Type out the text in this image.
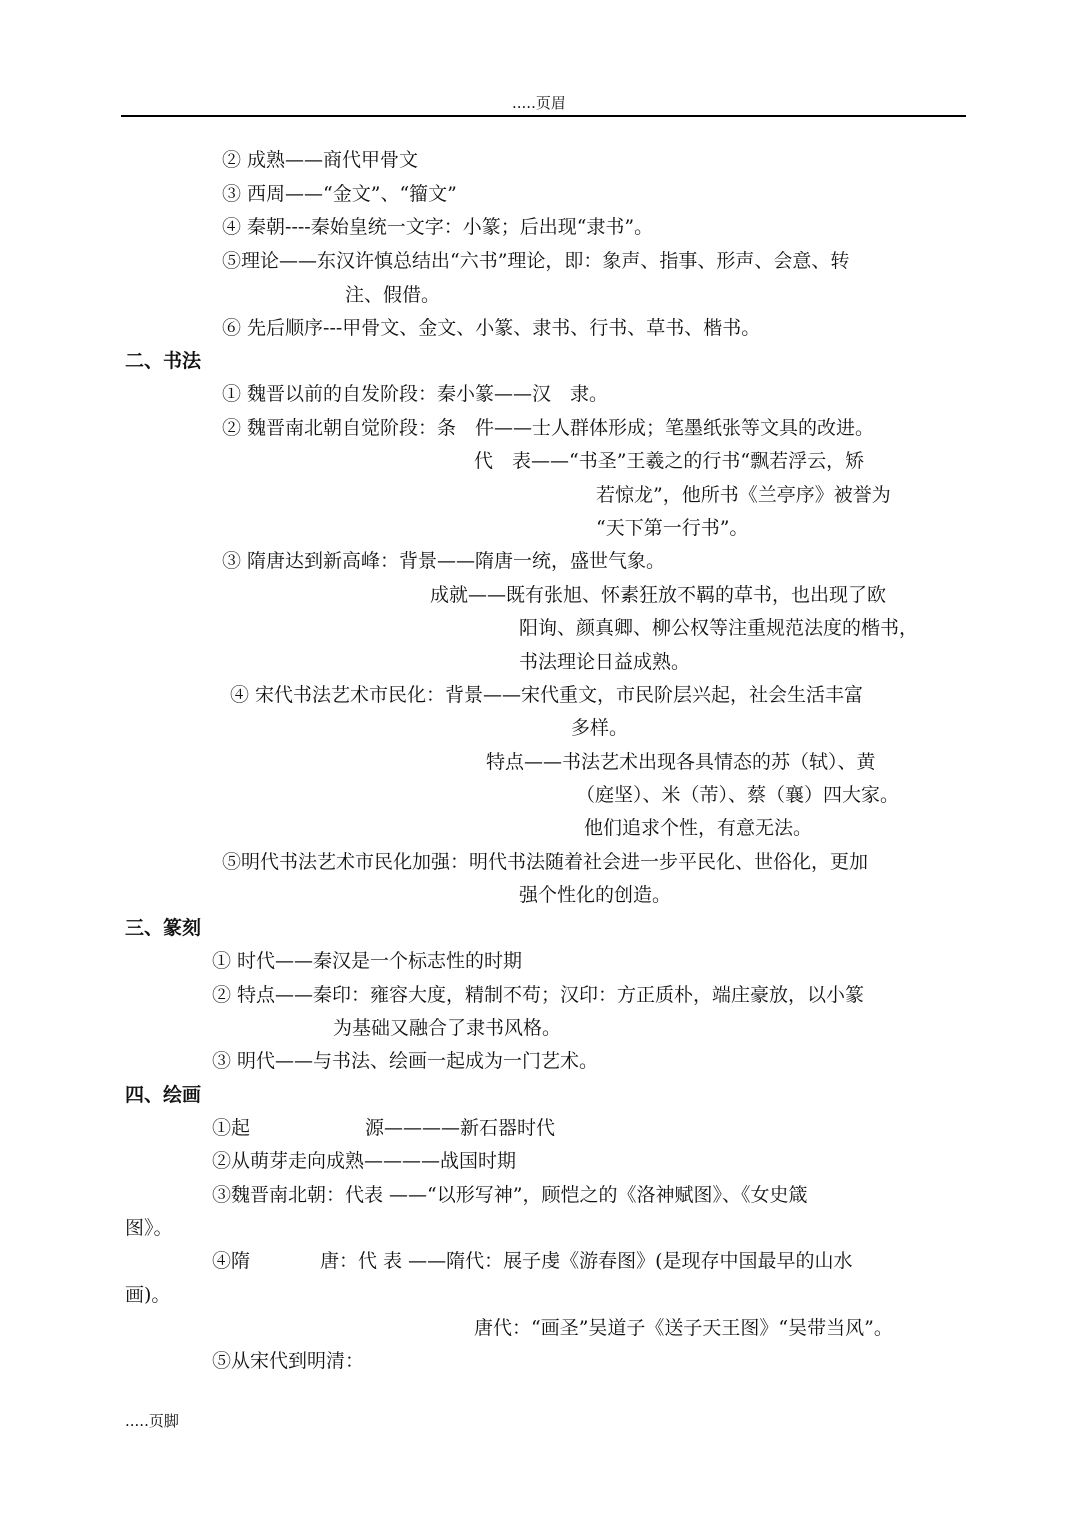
.....页眉
② 成熟——商代甲骨文
③ 西周——“金文”、“籀文”
④ 秦朝----秦始皇统一文字：小篆；后出现“隶书”。
⑤理论——东汉许慎总结出“六书”理论，即：象声、指事、形声、会意、转
注、假借。
⑥ 先后顺序---甲骨文、金文、小篆、隶书、行书、草书、楷书。
二、书法
① 魏晋以前的自发阶段：秦小篆——汉　隶。
② 魏晋南北朝自觉阶段：条　件——士人群体形成；笔墨纸张等文具的改进。
代　表——“书圣”王羲之的行书“飘若浮云，矫
若惊龙”，他所书《兰亭序》被誉为
“天下第一行书”。
③ 隋唐达到新高峰：背景——隋唐一统，盛世气象。
成就——既有张旭、怀素狂放不羁的草书，也出现了欧
阳询、颜真卿、柳公权等注重规范法度的楷书，
书法理论日益成熟。
④ 宋代书法艺术市民化：背景——宋代重文，市民阶层兴起，社会生活丰富
多样。
特点——书法艺术出现各具情态的苏（轼）、黄
（庭坚）、米（芾）、蔡（襄）四大家。
他们追求个性，有意无法。
⑤明代书法艺术市民化加强：明代书法随着社会进一步平民化、世俗化，更加
强个性化的创造。
三、篆刻
① 时代——秦汉是一个标志性的时期
② 特点——秦印：雍容大度，精制不苟；汉印：方正质朴，端庄豪放，以小篆
为基础又融合了隶书风格。
③ 明代——与书法、绘画一起成为一门艺术。
四、绘画
①起	源————新石器时代
②从萌芽走向成熟————战国时期
③魏晋南北朝：代表 ——“以形写神”，顾恺之的《洛神赋图》、《女史箴
图》。
④隋	唐：代 表 ——隋代：展子虔《游春图》(是现存中国最早的山水
画)。
唐代：“画圣”吴道子《送子天王图》“吴带当风”。
⑤从宋代到明清：
.....页脚
